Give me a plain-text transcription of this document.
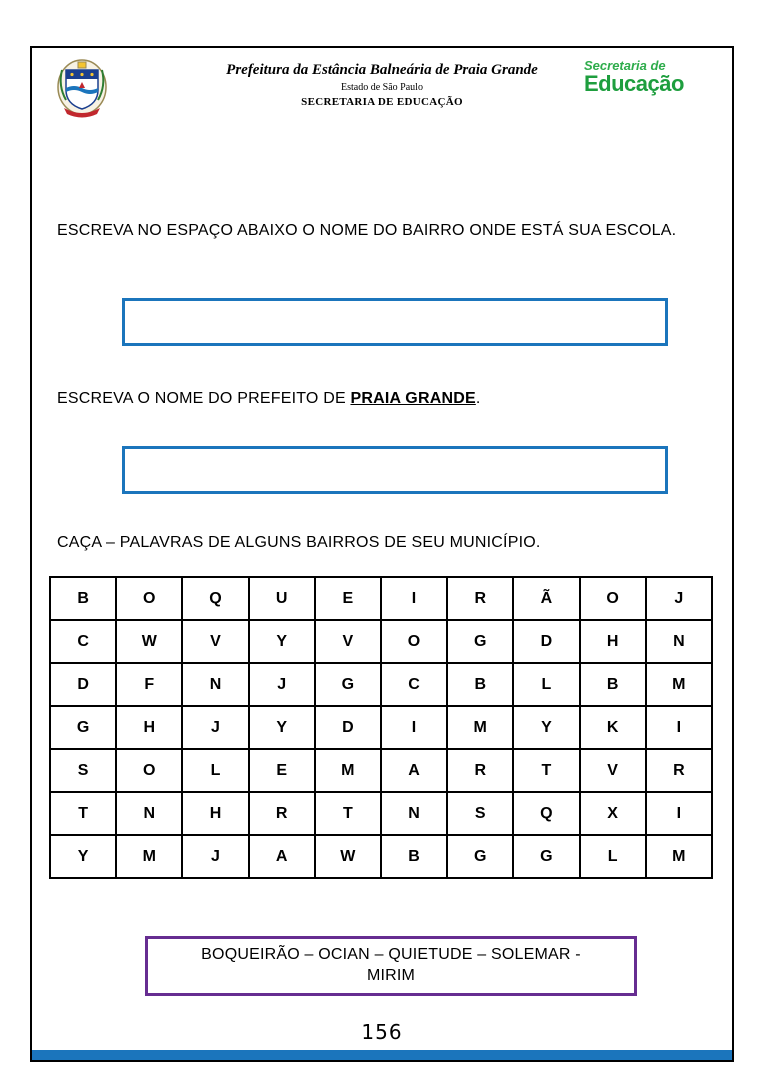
Prefeitura da Estância Balneária de Praia Grande
Estado de São Paulo
SECRETARIA DE EDUCAÇÃO
Secretaria de
Educação

ESCREVA NO ESPAÇO ABAIXO O NOME DO BAIRRO ONDE ESTÁ SUA ESCOLA.

ESCREVA O NOME DO PREFEITO DE PRAIA GRANDE.

CAÇA – PALAVRAS DE ALGUNS BAIRROS DE SEU MUNICÍPIO.

B	O	Q	U	E	I	R	Ã	O	J
C	W	V	Y	V	O	G	D	H	N
D	F	N	J	G	C	B	L	B	M
G	H	J	Y	D	I	M	Y	K	I
S	O	L	E	M	A	R	T	V	R
T	N	H	R	T	N	S	Q	X	I
Y	M	J	A	W	B	G	G	L	M
BOQUEIRÃO – OCIAN – QUIETUDE – SOLEMAR -
MIRIM
156
